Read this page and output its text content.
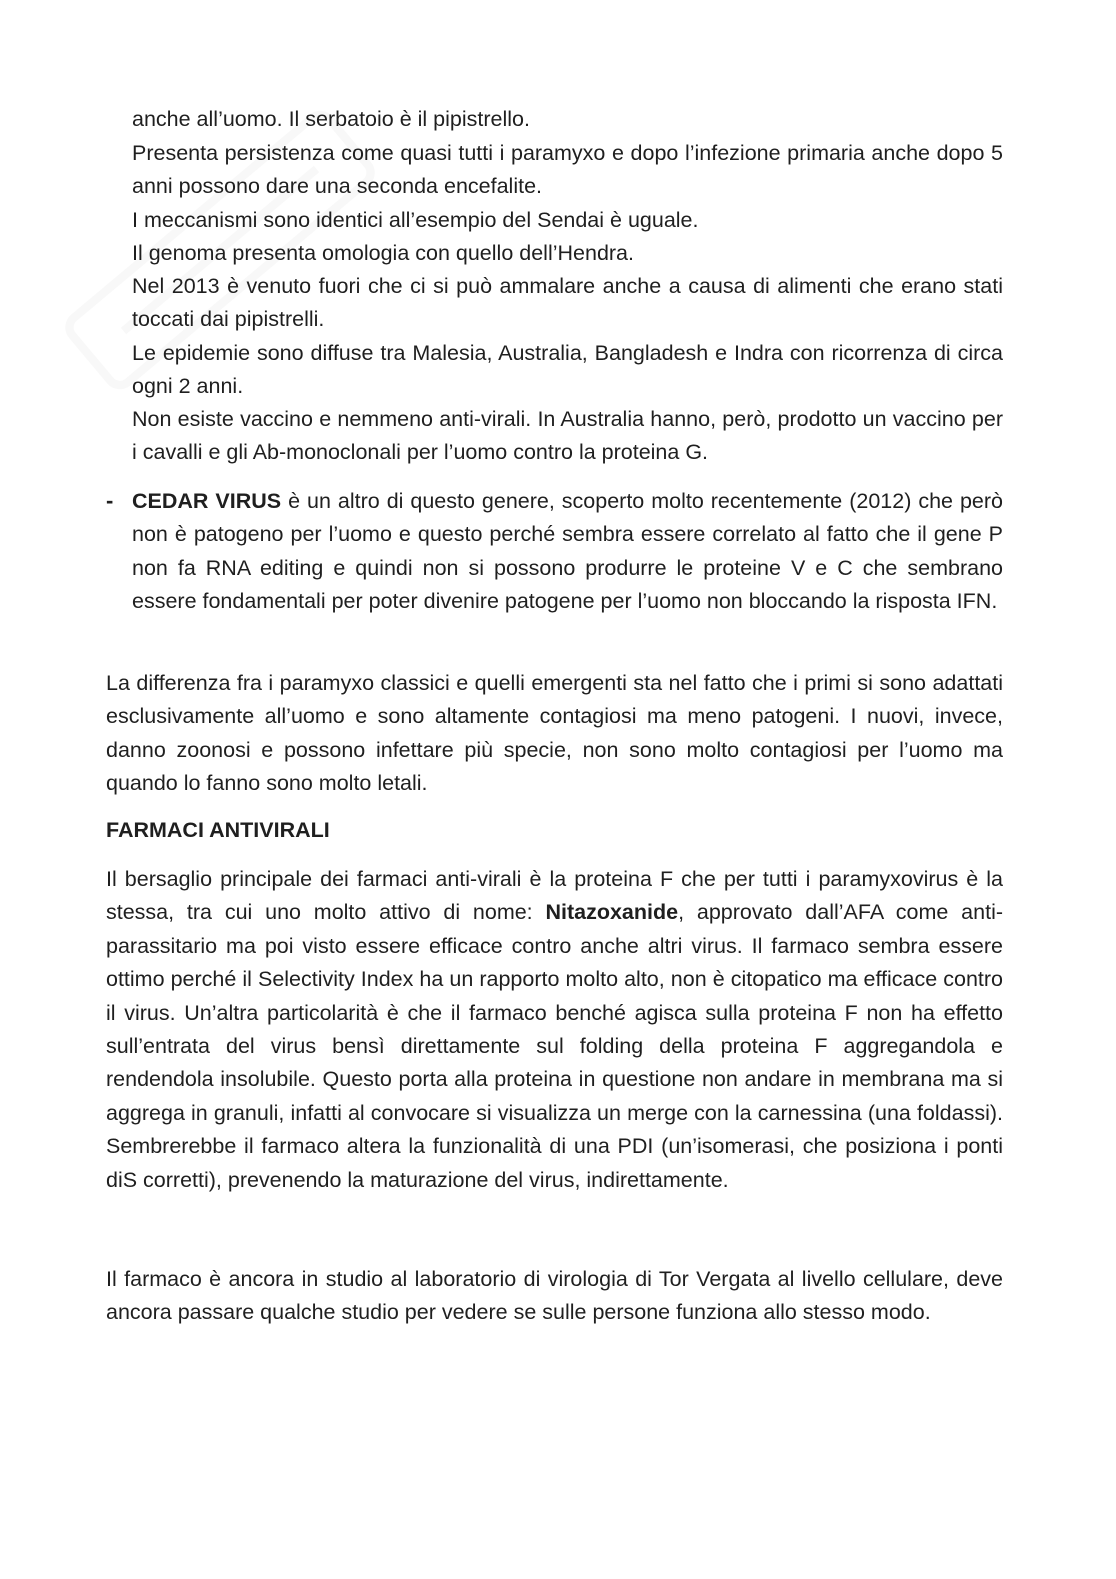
anche all’uomo. Il serbatoio è il pipistrello.

Presenta persistenza come quasi tutti i paramyxo e dopo l’infezione primaria anche dopo 5 anni possono dare una seconda encefalite.

I meccanismi sono identici all’esempio del Sendai è uguale.

Il genoma presenta omologia con quello dell’Hendra.

Nel 2013 è venuto fuori che ci si può ammalare anche a causa di alimenti che erano stati toccati dai pipistrelli.

Le epidemie sono diffuse tra Malesia, Australia, Bangladesh e Indra con ricorrenza di circa ogni 2 anni.

Non esiste vaccino e nemmeno anti-virali. In Australia hanno, però, prodotto un vaccino per i cavalli e gli Ab-monoclonali per l’uomo contro la proteina G.

- CEDAR VIRUS è un altro di questo genere, scoperto molto recentemente (2012) che però non è patogeno per l’uomo e questo perché sembra essere correlato al fatto che il gene P non fa RNA editing e quindi non si possono produrre le proteine V e C che sembrano essere fondamentali per poter divenire patogene per l’uomo non bloccando la risposta IFN.

La differenza fra i paramyxo classici e quelli emergenti sta nel fatto che i primi si sono adattati esclusivamente all’uomo e sono altamente contagiosi ma meno patogeni. I nuovi, invece, danno zoonosi e possono infettare più specie, non sono molto contagiosi per l’uomo ma quando lo fanno sono molto letali.

FARMACI ANTIVIRALI

Il bersaglio principale dei farmaci anti-virali è la proteina F che per tutti i paramyxovirus è la stessa, tra cui uno molto attivo di nome: Nitazoxanide, approvato dall’AFA come anti-parassitario ma poi visto essere efficace contro anche altri virus. Il farmaco sembra essere ottimo perché il Selectivity Index ha un rapporto molto alto, non è citopatico ma efficace contro il virus. Un’altra particolarità è che il farmaco benché agisca sulla proteina F non ha effetto sull’entrata del virus bensì direttamente sul folding della proteina F aggregandola e rendendola insolubile. Questo porta alla proteina in questione non andare in membrana ma si aggrega in granuli, infatti al convocare si visualizza un merge con la carnessina (una foldassi). Sembrerebbe il farmaco altera la funzionalità di una PDI (un’isomerasi, che posiziona i ponti diS corretti), prevenendo la maturazione del virus, indirettamente.

Il farmaco è ancora in studio al laboratorio di virologia di Tor Vergata al livello cellulare, deve ancora passare qualche studio per vedere se sulle persone funziona allo stesso modo.
